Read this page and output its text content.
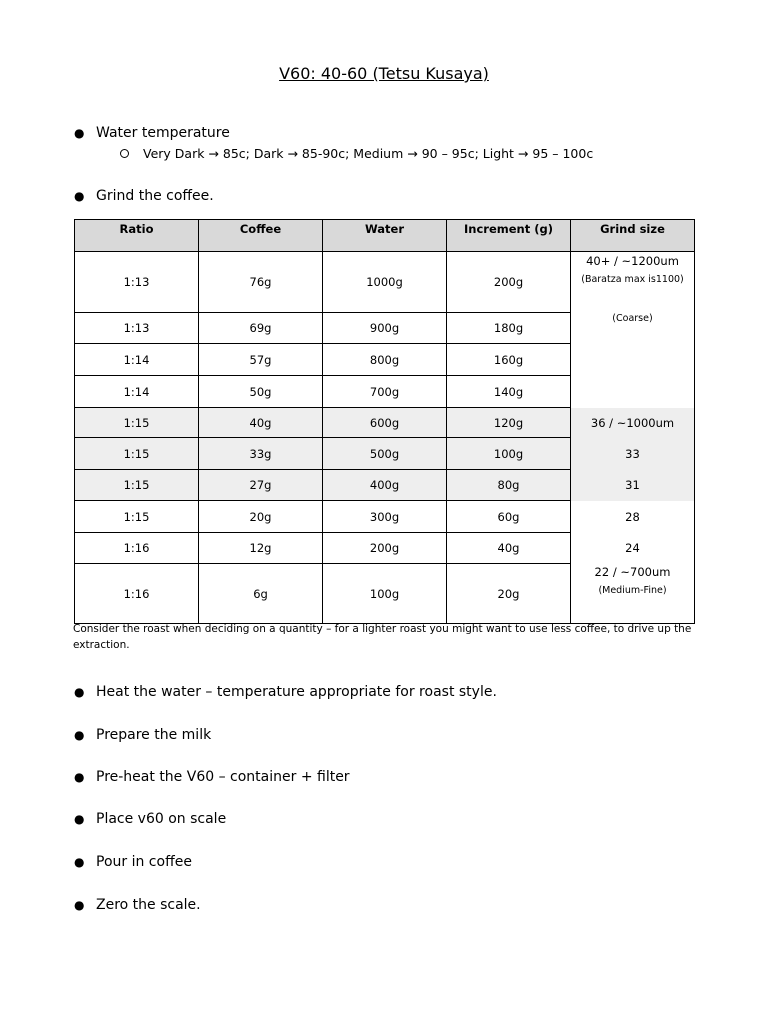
V60: 40-60 (Tetsu Kusaya)
● Water temperature
Very Dark → 85c; Dark → 85-90c; Medium → 90 – 95c; Light → 95 – 100c
● Grind the coffee.
Ratio	Coffee	Water	Increment (g)	Grind size
1:13	76g	1000g	200g	40+ / ~1200um
(Baratza max is1100)

1:13	69g	900g	180g	(Coarse)

1:14	57g	800g	160g	

1:14	50g	700g	140g	

1:15	40g	600g	120g	36 / ~1000um

1:15	33g	500g	100g	33

1:15	27g	400g	80g	31

1:15	20g	300g	60g	28

1:16	12g	200g	40g	24

1:16	6g	100g	20g	22 / ~700um
(Medium-Fine)
Consider the roast when deciding on a quantity – for a lighter roast you might want to use less coffee, to drive up the extraction.
● Heat the water – temperature appropriate for roast style.
● Prepare the milk
● Pre-heat the V60 – container + filter
● Place v60 on scale
● Pour in coffee
● Zero the scale.
